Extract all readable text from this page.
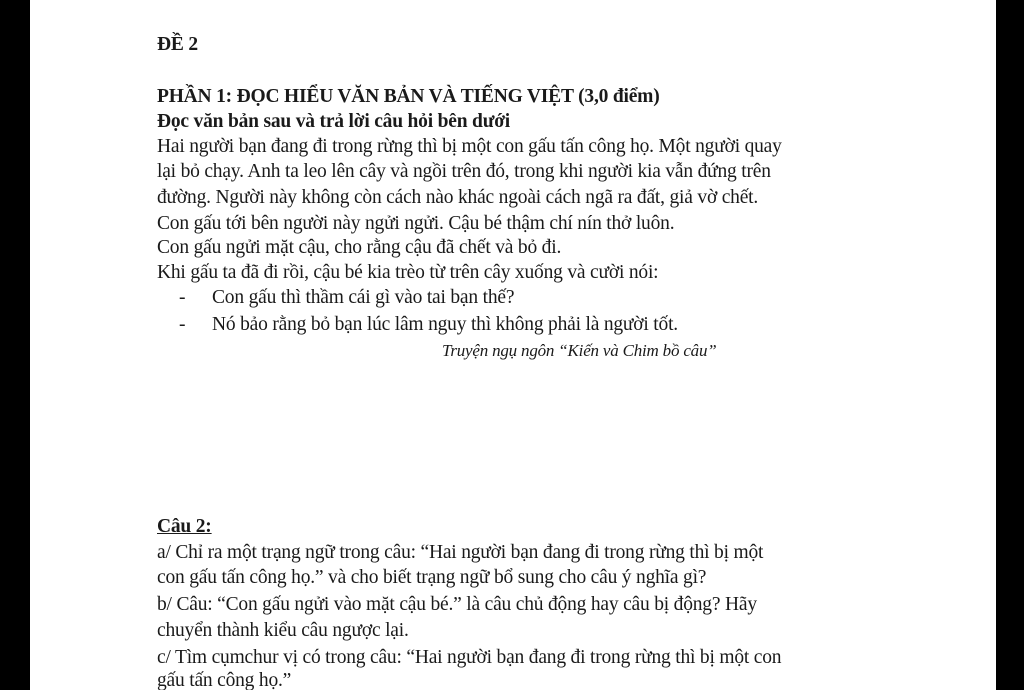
ĐỀ 2
PHẦN 1: ĐỌC HIỂU VĂN BẢN VÀ TIẾNG VIỆT (3,0 điểm)
Đọc văn bản sau và trả lời câu hỏi bên dưới
Hai người bạn đang đi trong rừng thì bị một con gấu tấn công họ. Một người quay
lại bỏ chạy. Anh ta leo lên cây và ngồi trên đó, trong khi người kia vẫn đứng trên
đường. Người này không còn cách nào khác ngoài cách ngã ra đất, giả vờ chết.
Con gấu tới bên người này ngửi ngửi. Cậu bé thậm chí nín thở luôn.
Con gấu ngửi mặt cậu, cho rằng cậu đã chết và bỏ đi.
Khi gấu ta đã đi rồi, cậu bé kia trèo từ trên cây xuống và cười nói:
- Con gấu thì thầm cái gì vào tai bạn thế?
- Nó bảo rằng bỏ bạn lúc lâm nguy thì không phải là người tốt.
Truyện ngụ ngôn “Kiến và Chim bồ câu”
Câu 2:
a/ Chỉ ra một trạng ngữ trong câu: “Hai người bạn đang đi trong rừng thì bị một
con gấu tấn công họ.” và cho biết trạng ngữ bổ sung cho câu ý nghĩa gì?
b/ Câu: “Con gấu ngửi vào mặt cậu bé.” là câu chủ động hay câu bị động? Hãy
chuyển thành kiểu câu ngược lại.
c/ Tìm cụmchur vị có trong câu: “Hai người bạn đang đi trong rừng thì bị một con
gấu tấn công họ.”
